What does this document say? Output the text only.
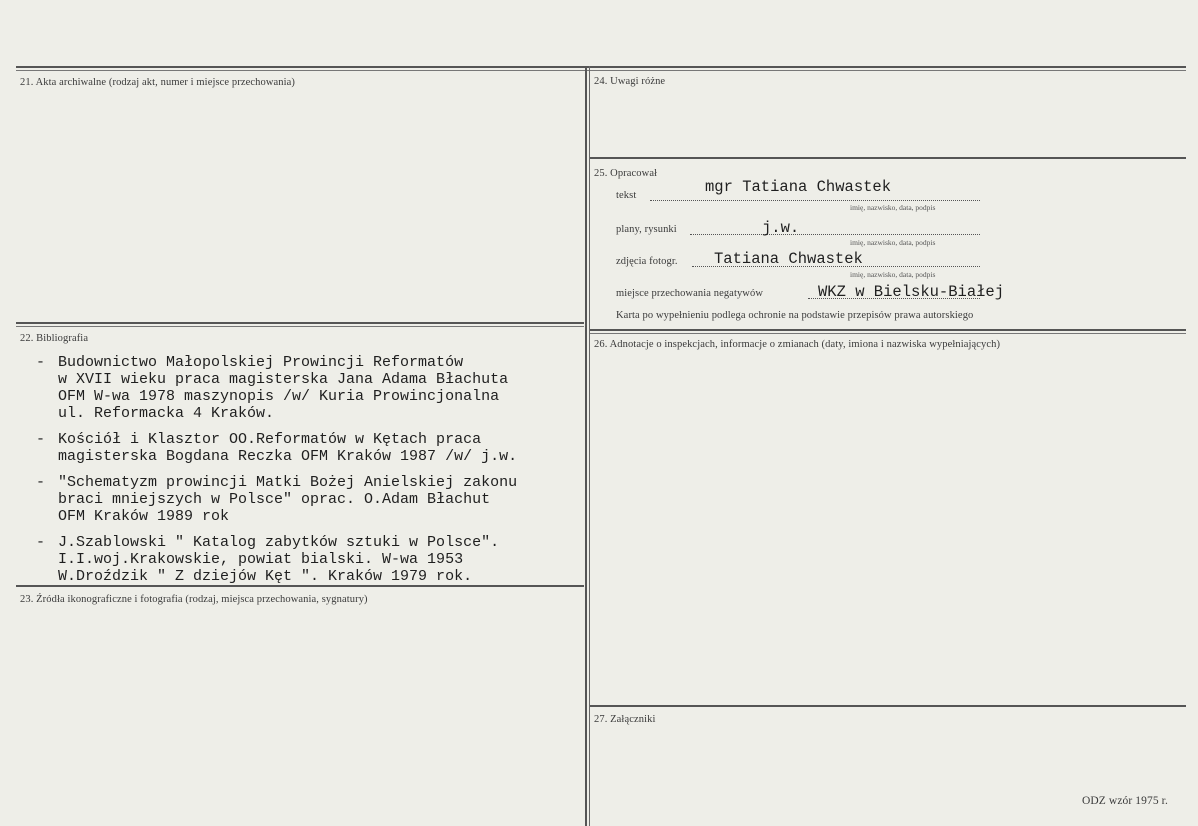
21. Akta archiwalne (rodzaj akt, numer i miejsce przechowania)
22. Bibliografia
- Budownictwo Małopolskiej Prowincji Reformatów
w XVII wieku praca magisterska Jana Adama Błachuta
OFM W-wa 1978 maszynopis /w/ Kuria Prowincjonalna
ul. Reformacka 4 Kraków.
- Kościół i Klasztor OO.Reformatów w Kętach praca
magisterska Bogdana Reczka OFM Kraków 1987 /w/ j.w.
- "Schematyzm prowincji Matki Bożej Anielskiej zakonu
braci mniejszych w Polsce" oprac. O.Adam Błachut
OFM Kraków 1989 rok
- J.Szablowski " Katalog zabytków sztuki w Polsce".
I.I.woj.Krakowskie, powiat bialski. W-wa 1953
W.Droździk " Z dziejów Kęt ". Kraków 1979 rok.
23. Źródła ikonograficzne i fotografia (rodzaj, miejsca przechowania, sygnatury)
24. Uwagi różne
25. Opracował
tekst	mgr Tatiana Chwastek
imię, nazwisko, data, podpis
plany, rysunki	j.w.
imię, nazwisko, data, podpis
zdjęcia fotogr. Tatiana Chwastek
imię, nazwisko, data, podpis
miejsce przechowania negatywów	WKZ w Bielsku-Białej
Karta po wypełnieniu podlega ochronie na podstawie przepisów prawa autorskiego
26. Adnotacje o inspekcjach, informacje o zmianach (daty, imiona i nazwiska wypełniających)
27. Załączniki
ODZ wzór 1975 r.
